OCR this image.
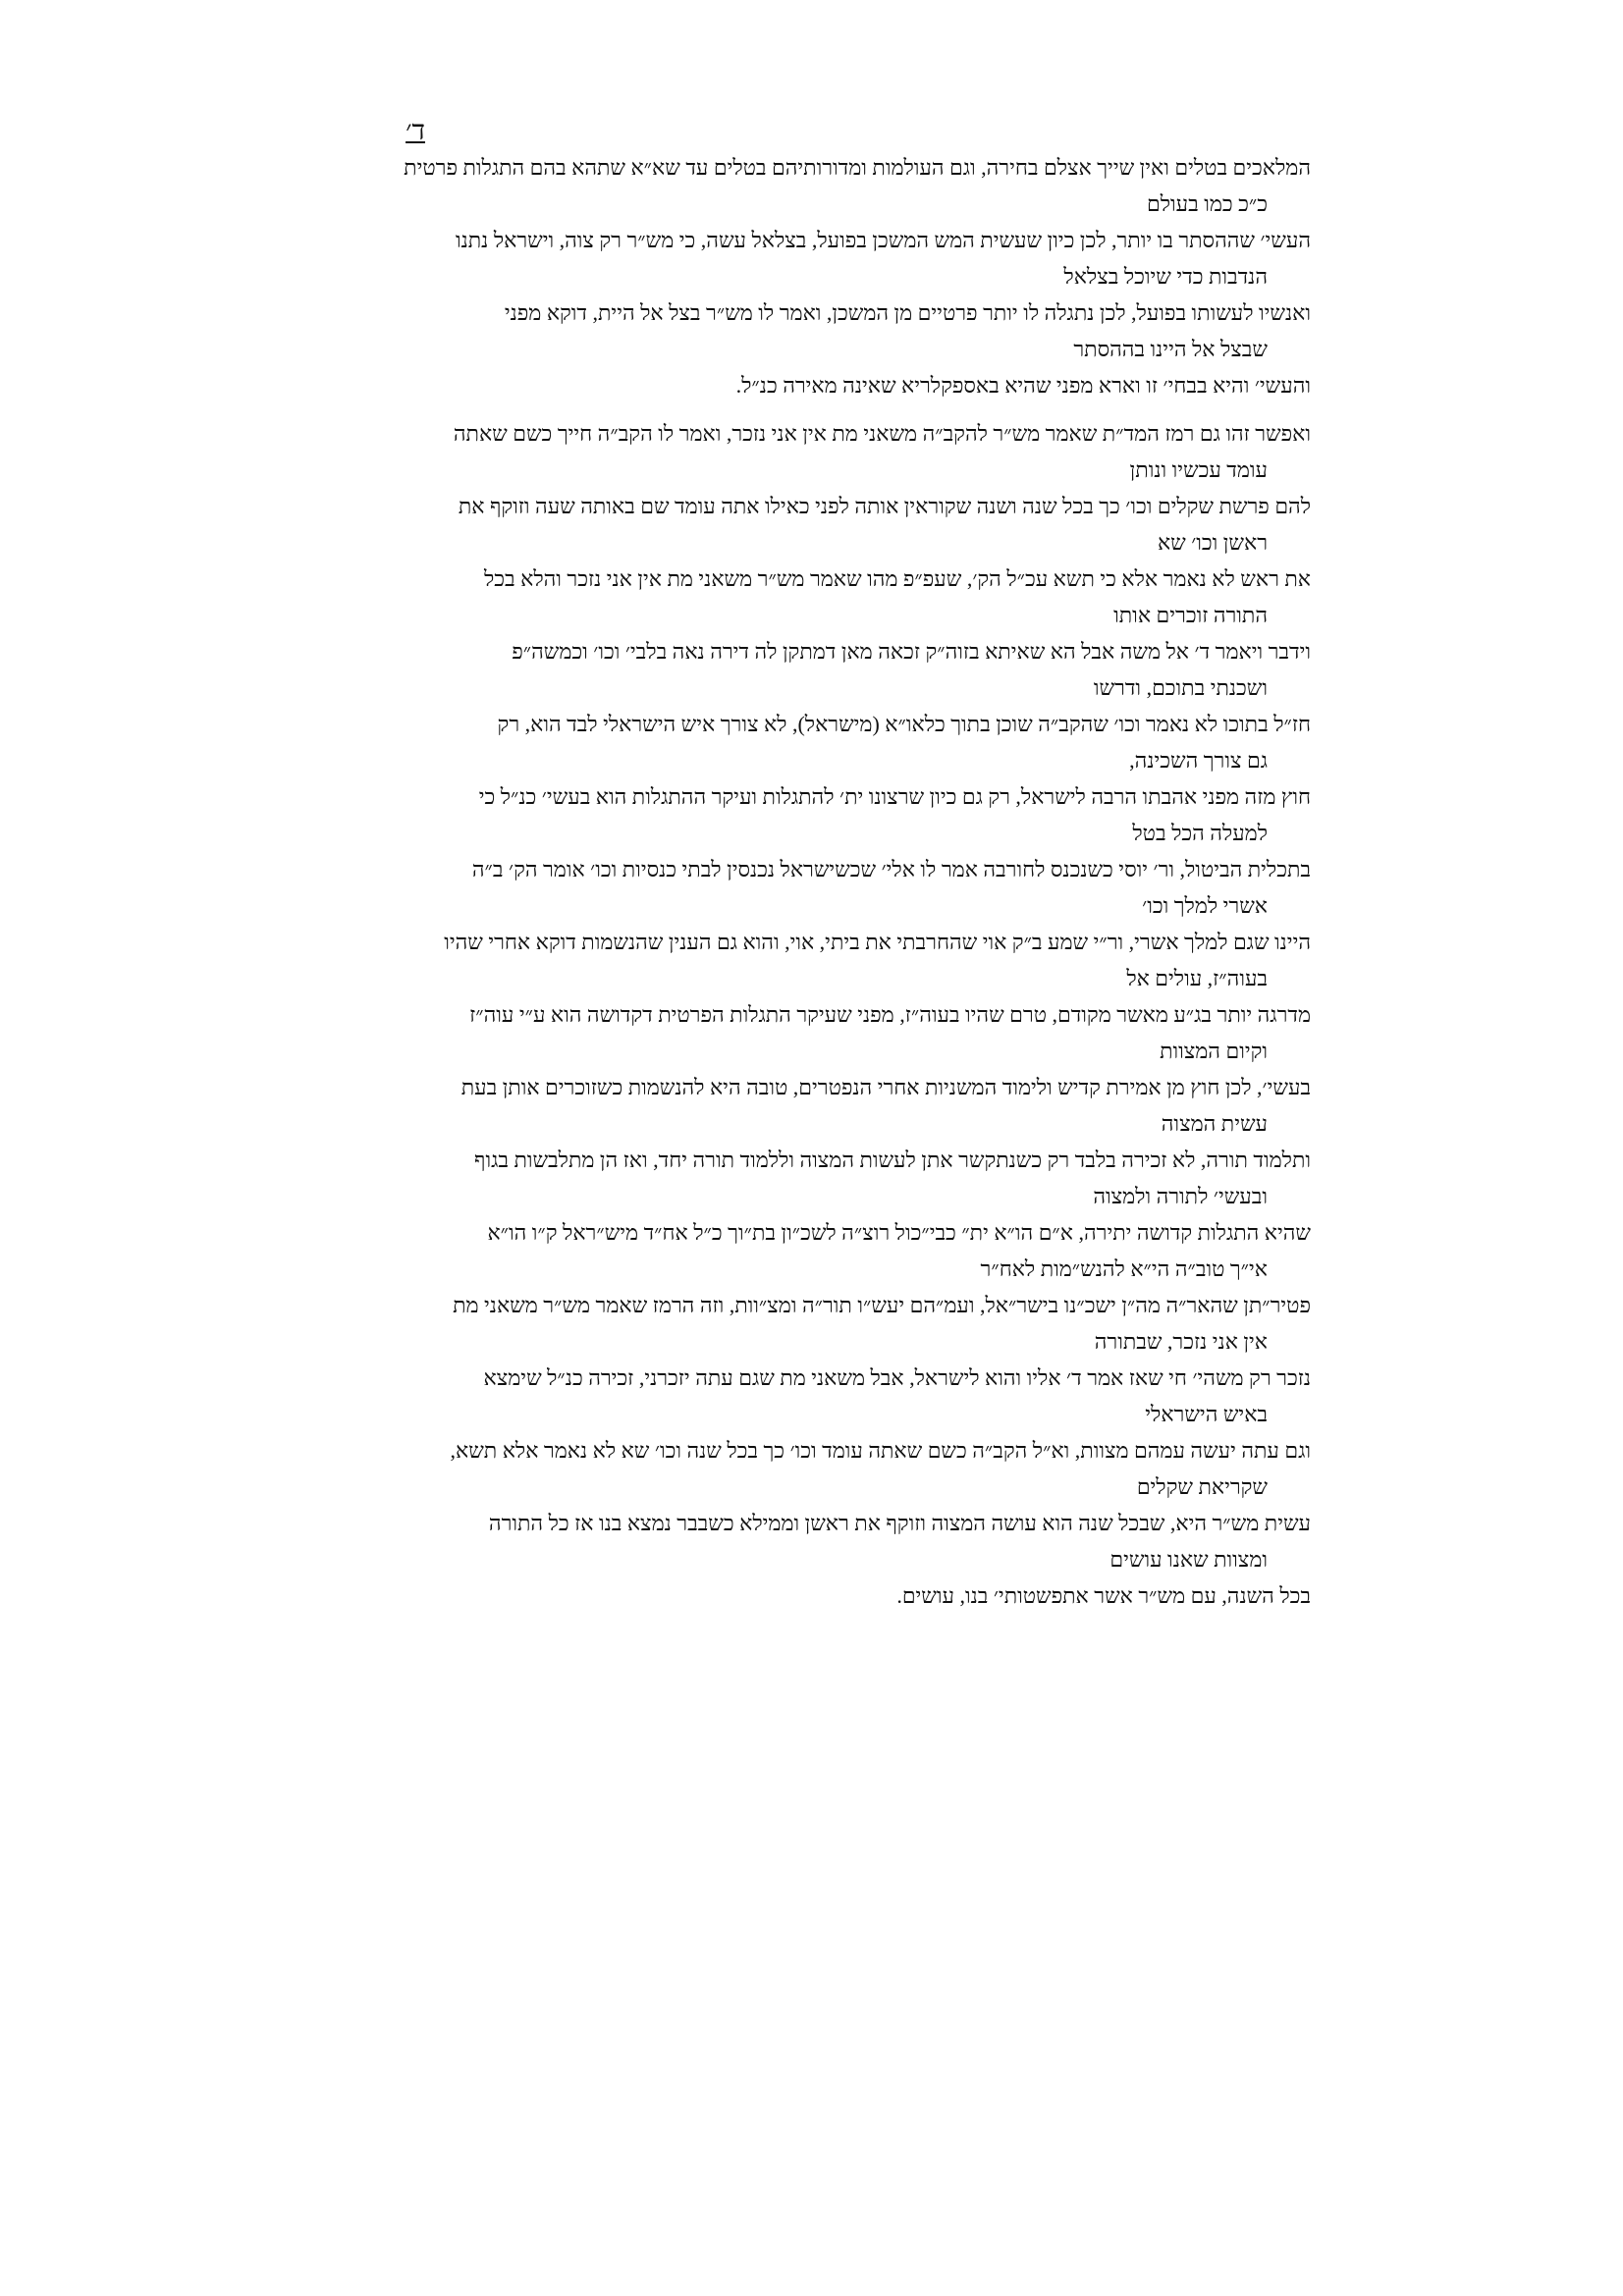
ד׳
המלאכים בטלים ואין שייך אצלם בחירה, וגם העולמות ומדורותיהם בטלים עד שא״א שתהא בהם התגלות פרטית
כ״כ כמו בעולם
העשי׳ שההסתר בו יותר, לכן כיון שעשית המש המשכן בפועל, בצלאל עשה, כי מש״ר רק צוה, וישראל נתנו
הנדבות כדי שיוכל בצלאל
ואנשיו לעשותו בפועל, לכן נתגלה לו יותר פרטיים מן המשכן, ואמר לו מש״ר בצל אל היית, דוקא מפני
שבצל אל היינו בההסתר
והעשי׳ והיא בבחי׳ זו וארא מפני שהיא באספקלריא שאינה מאירה כנ״ל.
ואפשר זהו גם רמז המד״ת שאמר מש״ר להקב״ה משאני מת אין אני נזכר, ואמר לו הקב״ה חייך כשם שאתה
עומד עכשיו ונותן
להם פרשת שקלים וכו׳ כך בכל שנה ושנה שקוראין אותה לפני כאילו אתה עומד שם באותה שעה וזוקף את
ראשן וכו׳ שא
את ראש לא נאמר אלא כי תשא עכ״ל הק׳, שעפ״פ מהו שאמר מש״ר משאני מת אין אני נזכר והלא בכל
התורה זוכרים אותו
וידבר ויאמר ד׳ אל משה אבל הא שאיתא בזוה״ק זכאה מאן דמתקן לה דירה נאה בלבי׳ וכו׳ וכמשה״פ
ושכנתי בתוכם, ודרשו
חז״ל בתוכו לא נאמר וכו׳ שהקב״ה שוכן בתוך כלאו״א (מישראל), לא צורך איש הישראלי לבד הוא, רק
גם צורך השכינה,
חוץ מזה מפני אהבתו הרבה לישראל, רק גם כיון שרצונו ית׳ להתגלות ועיקר ההתגלות הוא בעשי׳ כנ״ל כי
למעלה הכל בטל
בתכלית הביטול, ור׳ יוסי כשנכנס לחורבה אמר לו אלי׳ שכשישראל נכנסין לבתי כנסיות וכו׳ אומר הק׳ ב״ה
אשרי למלך וכו׳
היינו שגם למלך אשרי, ור״י שמע ב״ק אוי שהחרבתי את ביתי, אוי, והוא גם הענין שהנשמות דוקא אחרי שהיו
בעוה״ז, עולים אל
מדרגה יותר בג״ע מאשר מקודם, טרם שהיו בעוה״ז, מפני שעיקר התגלות הפרטית דקדושה הוא ע״י עוה״ז
וקיום המצוות
בעשי׳, לכן חוץ מן אמירת קדיש ולימוד המשניות אחרי הנפטרים, טובה היא להנשמות כשזוכרים אותן בעת
עשית המצוה
ותלמוד תורה, לא זכירה בלבד רק כשנתקשר אתן לעשות המצוה וללמוד תורה יחד, ואז הן מתלבשות בגוף
ובעשי׳ לתורה ולמצוה
שהיא התגלות קדושה יתירה, א״ם הו״א ית״ כבי״כול רוצ״ה לשכ״ון בת״וך כ״ל אח״ד מיש״ראל ק״ו הו״א
אי״ך טוב״ה הי״א להנש״מות לאח״ר
פטיר״תן שהאר״ה מה״ן ישכ״נו בישר״אל, ועמ״הם יעש״ו תור״ה ומצ״וות, וזה הרמז שאמר מש״ר משאני מת
אין אני נזכר, שבתורה
נזכר רק משהי׳ חי שאז אמר ד׳ אליו והוא לישראל, אבל משאני מת שגם עתה יזכרני, זכירה כנ״ל שימצא
באיש הישראלי
וגם עתה יעשה עמהם מצוות, וא״ל הקב״ה כשם שאתה עומד וכו׳ כך בכל שנה וכו׳ שא לא נאמר אלא תשא,
שקריאת שקלים
עשית מש״ר היא, שבכל שנה הוא עושה המצוה וזוקף את ראשן וממילא כשבבר נמצא בנו אז כל התורה
ומצוות שאנו עושים
בכל השנה, עם מש״ר אשר אתפשטותי׳ בנו, עושים.
